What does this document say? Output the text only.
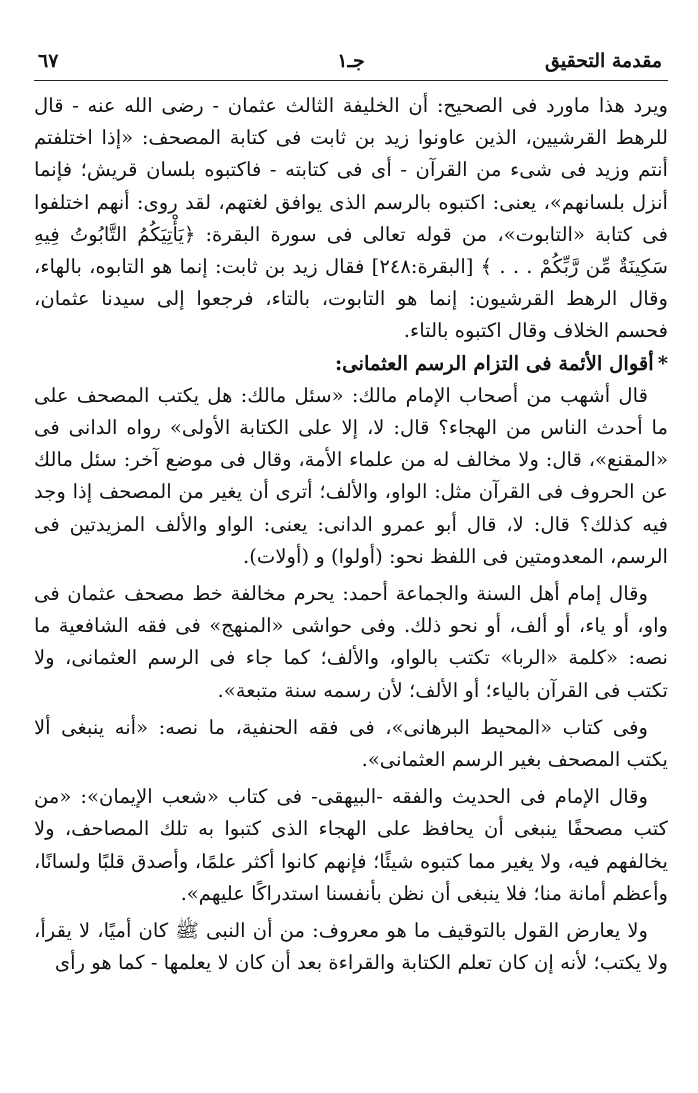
مقدمة التحقيق
جـ١
٦٧

ويرد هذا ماورد فى الصحيح: أن الخليفة الثالث عثمان - رضى الله عنه - قال للرهط القرشيين، الذين عاونوا زيد بن ثابت فى كتابة المصحف: «إذا اختلفتم أنتم وزيد فى شىء من القرآن - أى فى كتابته - فاكتبوه بلسان قريش؛ فإنما أنزل بلسانهم»، يعنى: اكتبوه بالرسم الذى يوافق لغتهم، لقد روى: أنهم اختلفوا فى كتابة «التابوت»، من قوله تعالى فى سورة البقرة: ﴿يَأْتِيَكُمُ التَّابُوتُ فِيهِ سَكِينَةٌ مِّن رَّبِّكُمْ . . . ﴾ [البقرة:٢٤٨] فقال زيد بن ثابت: إنما هو التابوه، بالهاء، وقال الرهط القرشيون: إنما هو التابوت، بالتاء، فرجعوا إلى سيدنا عثمان، فحسم الخلاف وقال اكتبوه بالتاء.

*أقوال الأئمة فى التزام الرسم العثمانى:

قال أشهب من أصحاب الإمام مالك: «سئل مالك: هل يكتب المصحف على ما أحدث الناس من الهجاء؟ قال: لا، إلا على الكتابة الأولى» رواه الدانى فى «المقنع»، قال: ولا مخالف له من علماء الأمة، وقال فى موضع آخر: سئل مالك عن الحروف فى القرآن مثل: الواو، والألف؛ أترى أن يغير من المصحف إذا وجد فيه كذلك؟ قال: لا، قال أبو عمرو الدانى: يعنى: الواو والألف المزيدتين فى الرسم، المعدومتين فى اللفظ نحو: (أولوا) و (أولات).

وقال إمام أهل السنة والجماعة أحمد: يحرم مخالفة خط مصحف عثمان فى واو، أو ياء، أو ألف، أو نحو ذلك. وفى حواشى «المنهج» فى فقه الشافعية ما نصه: «كلمة «الربا» تكتب بالواو، والألف؛ كما جاء فى الرسم العثمانى، ولا تكتب فى القرآن بالياء؛ أو الألف؛ لأن رسمه سنة متبعة».

وفى كتاب «المحيط البرهانى»، فى فقه الحنفية، ما نصه: «أنه ينبغى ألا يكتب المصحف بغير الرسم العثمانى».

وقال الإمام فى الحديث والفقه -البيهقى- فى كتاب «شعب الإيمان»: «من كتب مصحفًا ينبغى أن يحافظ على الهجاء الذى كتبوا به تلك المصاحف، ولا يخالفهم فيه، ولا يغير مما كتبوه شيئًا؛ فإنهم كانوا أكثر علمًا، وأصدق قلبًا ولسانًا، وأعظم أمانة منا؛ فلا ينبغى أن نظن بأنفسنا استدراكًا عليهم».

ولا يعارض القول بالتوقيف ما هو معروف: من أن النبى ﷺ كان أميًا، لا يقرأ، ولا يكتب؛ لأنه إن كان تعلم الكتابة والقراءة بعد أن كان لا يعلمها - كما هو رأى
